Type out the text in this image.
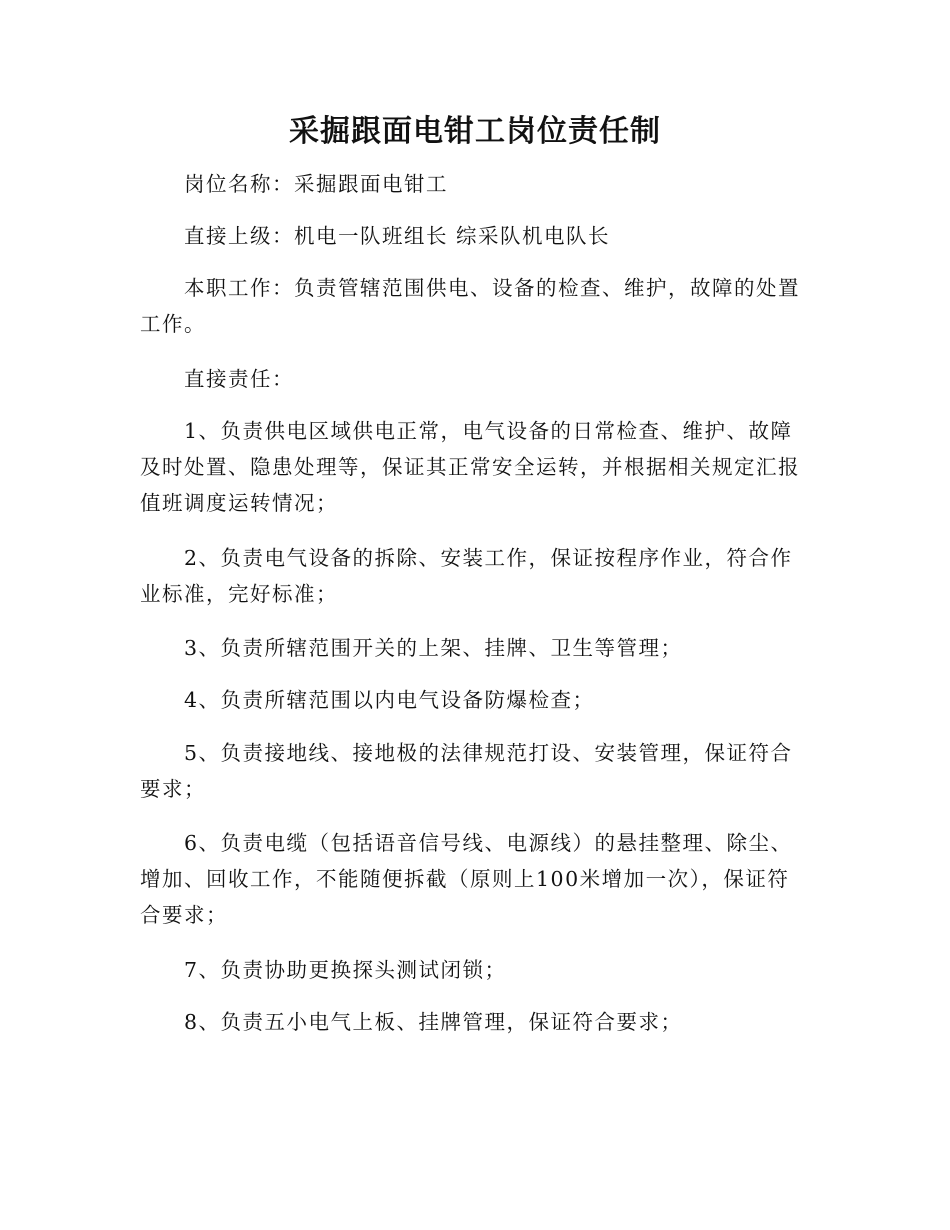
采掘跟面电钳工岗位责任制

岗位名称：采掘跟面电钳工

直接上级：机电一队班组长 综采队机电队长

本职工作：负责管辖范围供电、设备的检查、维护，故障的处置工作。

直接责任：

1、负责供电区域供电正常，电气设备的日常检查、维护、故障及时处置、隐患处理等，保证其正常安全运转，并根据相关规定汇报值班调度运转情况；

2、负责电气设备的拆除、安装工作，保证按程序作业，符合作业标准，完好标准；

3、负责所辖范围开关的上架、挂牌、卫生等管理；

4、负责所辖范围以内电气设备防爆检查；

5、负责接地线、接地极的法律规范打设、安装管理，保证符合要求；

6、负责电缆（包括语音信号线、电源线）的悬挂整理、除尘、增加、回收工作，不能随便拆截（原则上100米增加一次），保证符合要求；

7、负责协助更换探头测试闭锁；

8、负责五小电气上板、挂牌管理，保证符合要求；
